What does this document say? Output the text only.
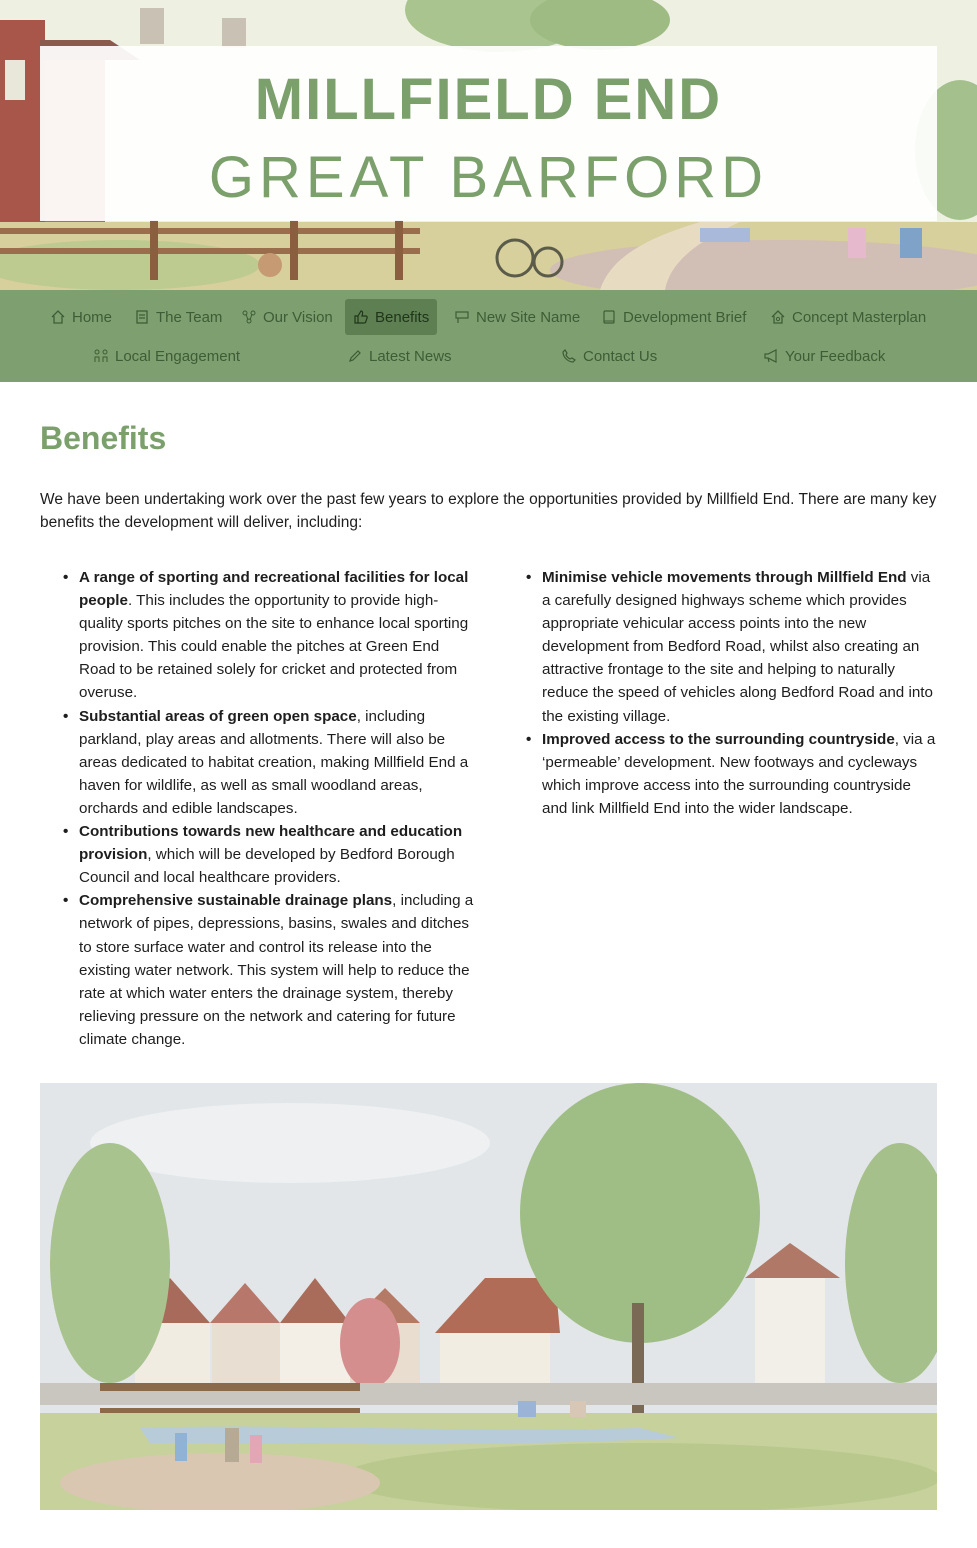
MILLFIELD END
GREAT BARFORD
Home	The Team	Our Vision	Benefits	New Site Name	Development Brief	Concept Masterplan
Local Engagement	Latest News	Contact Us	Your Feedback
Benefits

We have been undertaking work over the past few years to explore the opportunities provided by Millfield End. There are many key benefits the development will deliver, including:

• A range of sporting and recreational facilities for local people. This includes the opportunity to provide high-quality sports pitches on the site to enhance local sporting provision. This could enable the pitches at Green End Road to be retained solely for cricket and protected from overuse.
• Substantial areas of green open space, including parkland, play areas and allotments. There will also be areas dedicated to habitat creation, making Millfield End a haven for wildlife, as well as small woodland areas, orchards and edible landscapes.
• Contributions towards new healthcare and education provision, which will be developed by Bedford Borough Council and local healthcare providers.
• Comprehensive sustainable drainage plans, including a network of pipes, depressions, basins, swales and ditches to store surface water and control its release into the existing water network. This system will help to reduce the rate at which water enters the drainage system, thereby relieving pressure on the network and catering for future climate change.
• Minimise vehicle movements through Millfield End via a carefully designed highways scheme which provides appropriate vehicular access points into the new development from Bedford Road, whilst also creating an attractive frontage to the site and helping to naturally reduce the speed of vehicles along Bedford Road and into the existing village.
• Improved access to the surrounding countryside, via a ‘permeable’ development. New footways and cycleways which improve access into the surrounding countryside and link Millfield End into the wider landscape.
